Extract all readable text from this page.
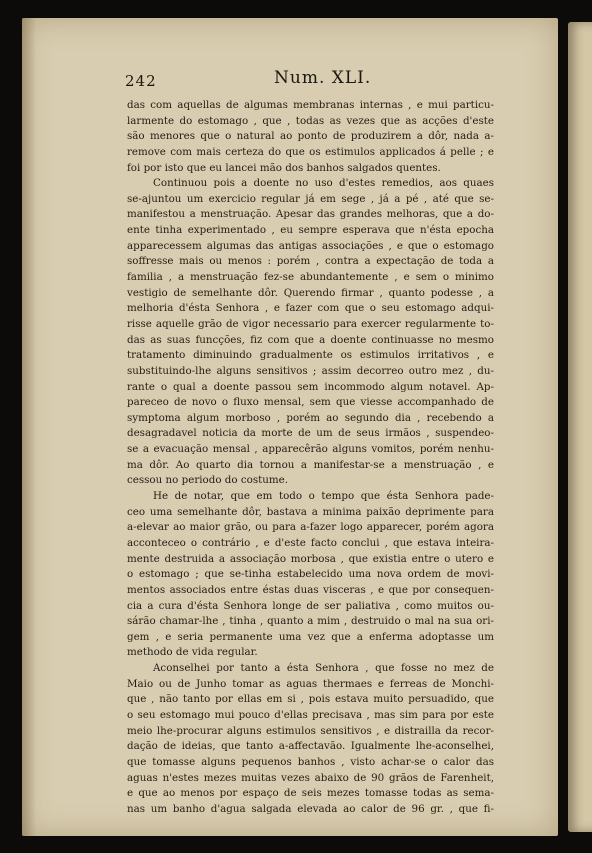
242	Num. XLI.
das com aquellas de algumas membranas internas , e mui particu-
larmente do estomago , que , todas as vezes que as acções d'este
são menores que o natural ao ponto de produzirem a dôr, nada a-
remove com mais certeza do que os estimulos applicados á pelle ; e
foi por isto que eu lancei mão dos banhos salgados quentes.
Continuou pois a doente no uso d'estes remedios, aos quaes
se-ajuntou um exercicio regular já em sege , já a pé , até que se-
manifestou a menstruação. Apesar das grandes melhoras, que a do-
ente tinha experimentado , eu sempre esperava que n'ésta epocha
apparecessem algumas das antigas associações , e que o estomago
soffresse mais ou menos : porém , contra a expectação de toda a
familia , a menstruação fez-se abundantemente , e sem o minimo
vestigio de semelhante dôr. Querendo firmar , quanto podesse , a
melhoria d'ésta Senhora , e fazer com que o seu estomago adqui-
risse aquelle grão de vigor necessario para exercer regularmente to-
das as suas funcções, fiz com que a doente continuasse no mesmo
tratamento diminuindo gradualmente os estimulos irritativos , e
substituindo-lhe alguns sensitivos ; assim decorreo outro mez , du-
rante o qual a doente passou sem incommodo algum notavel. Ap-
pareceo de novo o fluxo mensal, sem que viesse accompanhado de
symptoma algum morboso , porém ao segundo dia , recebendo a
desagradavel noticia da morte de um de seus irmãos , suspendeo-
se a evacuação mensal , apparecêrão alguns vomitos, porém nenhu-
ma dôr. Ao quarto dia tornou a manifestar-se a menstruação , e
cessou no periodo do costume.
He de notar, que em todo o tempo que ésta Senhora pade-
ceo uma semelhante dôr, bastava a minima paixão deprimente para
a-elevar ao maior grão, ou para a-fazer logo apparecer, porém agora
acconteceo o contrário , e d'este facto conclui , que estava inteira-
mente destruida a associação morbosa , que existia entre o utero e
o estomago ; que se-tinha estabelecido uma nova ordem de movi-
mentos associados entre éstas duas visceras , e que por consequen-
cia a cura d'ésta Senhora longe de ser paliativa , como muitos ou-
sárão chamar-lhe , tinha , quanto a mim , destruido o mal na sua ori-
gem , e seria permanente uma vez que a enferma adoptasse um
methodo de vida regular.
Aconselhei por tanto a ésta Senhora , que fosse no mez de
Maio ou de Junho tomar as aguas thermaes e ferreas de Monchi-
que , não tanto por ellas em si , pois estava muito persuadido, que
o seu estomago mui pouco d'ellas precisava , mas sim para por este
meio lhe-procurar alguns estimulos sensitivos , e distrailla da recor-
dação de ideias, que tanto a-affectavão. Igualmente lhe-aconselhei,
que tomasse alguns pequenos banhos , visto achar-se o calor das
aguas n'estes mezes muitas vezes abaixo de 90 grãos de Farenheit,
e que ao menos por espaço de seis mezes tomasse todas as sema-
nas um banho d'agua salgada elevada ao calor de 96 gr. , que fi-
